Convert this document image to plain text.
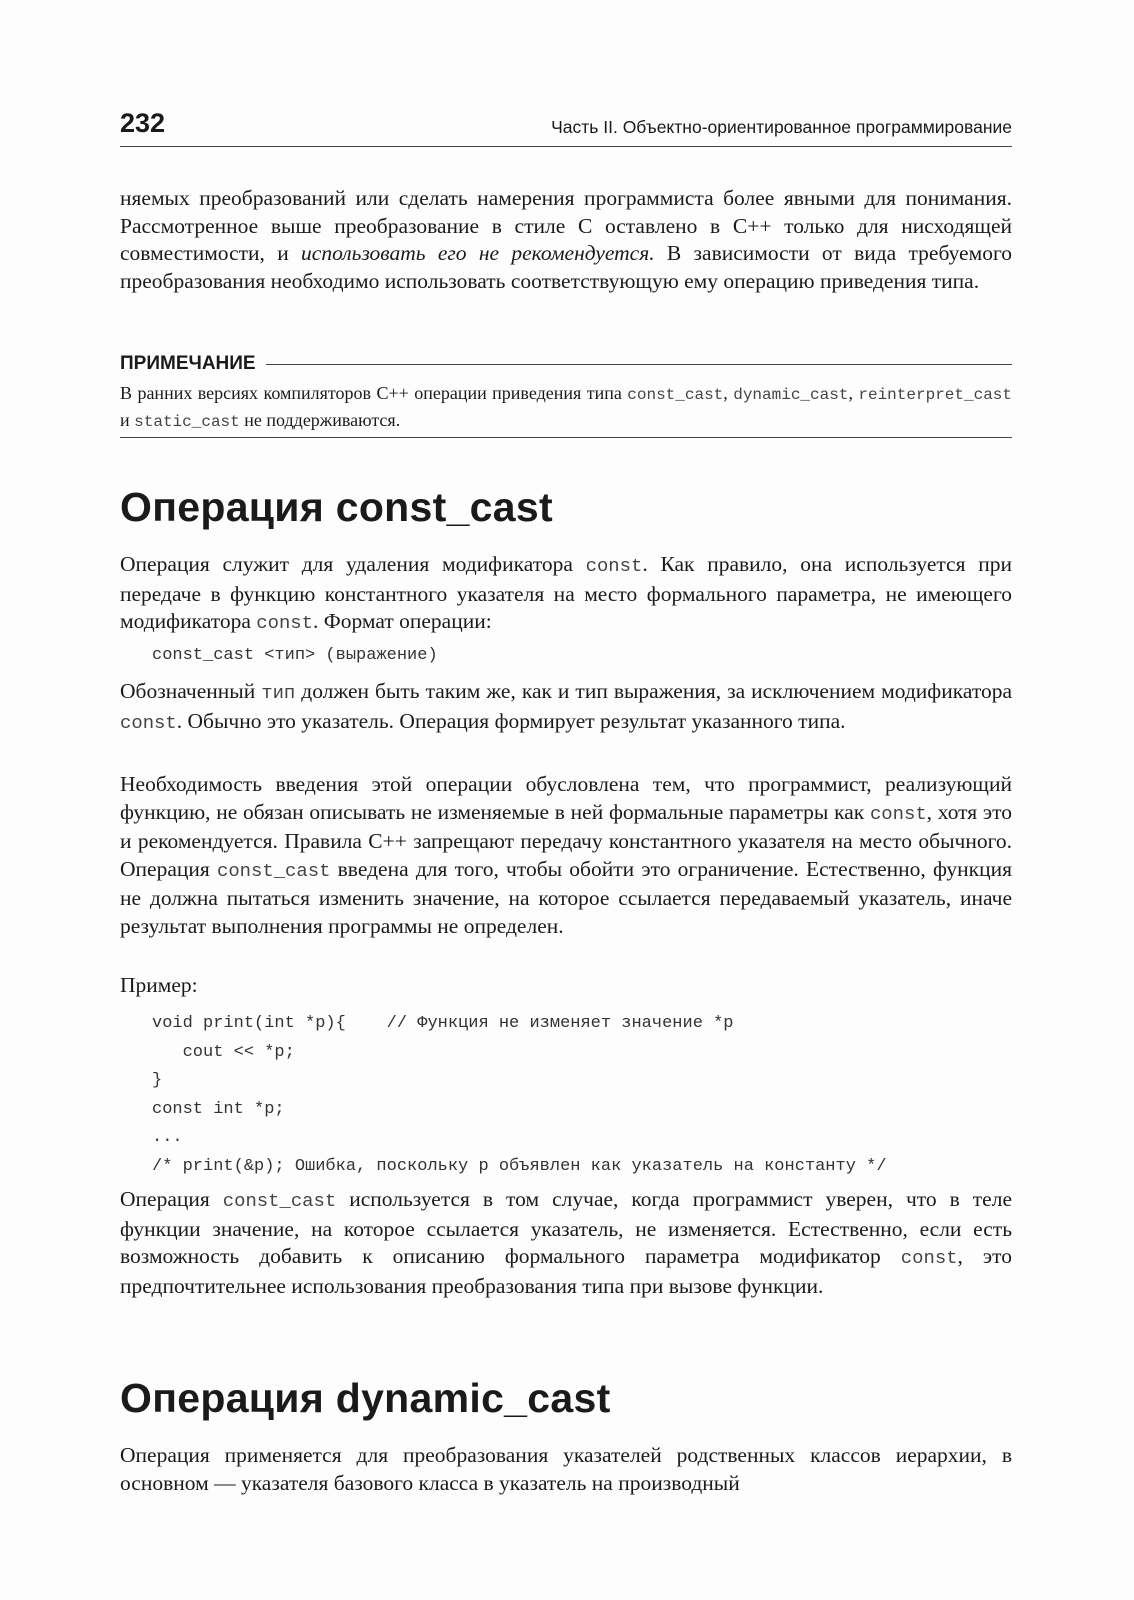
232	Часть II. Объектно-ориентированное программирование

няемых преобразований или сделать намерения программиста более явными для понимания. Рассмотренное выше преобразование в стиле C оставлено в C++ только для нисходящей совместимости, и использовать его не рекомендуется. В зависимости от вида требуемого преобразования необходимо использовать соответствующую ему операцию приведения типа.

ПРИМЕЧАНИЕ

В ранних версиях компиляторов C++ операции приведения типа const_cast, dynamic_cast, reinterpret_cast и static_cast не поддерживаются.

Операция const_cast

Операция служит для удаления модификатора const. Как правило, она используется при передаче в функцию константного указателя на место формального параметра, не имеющего модификатора const. Формат операции:

const_cast <тип> (выражение)

Обозначенный тип должен быть таким же, как и тип выражения, за исключением модификатора const. Обычно это указатель. Операция формирует результат указанного типа.

Необходимость введения этой операции обусловлена тем, что программист, реализующий функцию, не обязан описывать не изменяемые в ней формальные параметры как const, хотя это и рекомендуется. Правила C++ запрещают передачу константного указателя на место обычного. Операция const_cast введена для того, чтобы обойти это ограничение. Естественно, функция не должна пытаться изменить значение, на которое ссылается передаваемый указатель, иначе результат выполнения программы не определен.

Пример:

void print(int *p){    // Функция не изменяет значение *p
cout << *p;
}
const int *p;
...
/* print(&p); Ошибка, поскольку p объявлен как указатель на константу */

Операция const_cast используется в том случае, когда программист уверен, что в теле функции значение, на которое ссылается указатель, не изменяется. Естественно, если есть возможность добавить к описанию формального параметра модификатор const, это предпочтительнее использования преобразования типа при вызове функции.

Операция dynamic_cast

Операция применяется для преобразования указателей родственных классов иерархии, в основном — указателя базового класса в указатель на производный
